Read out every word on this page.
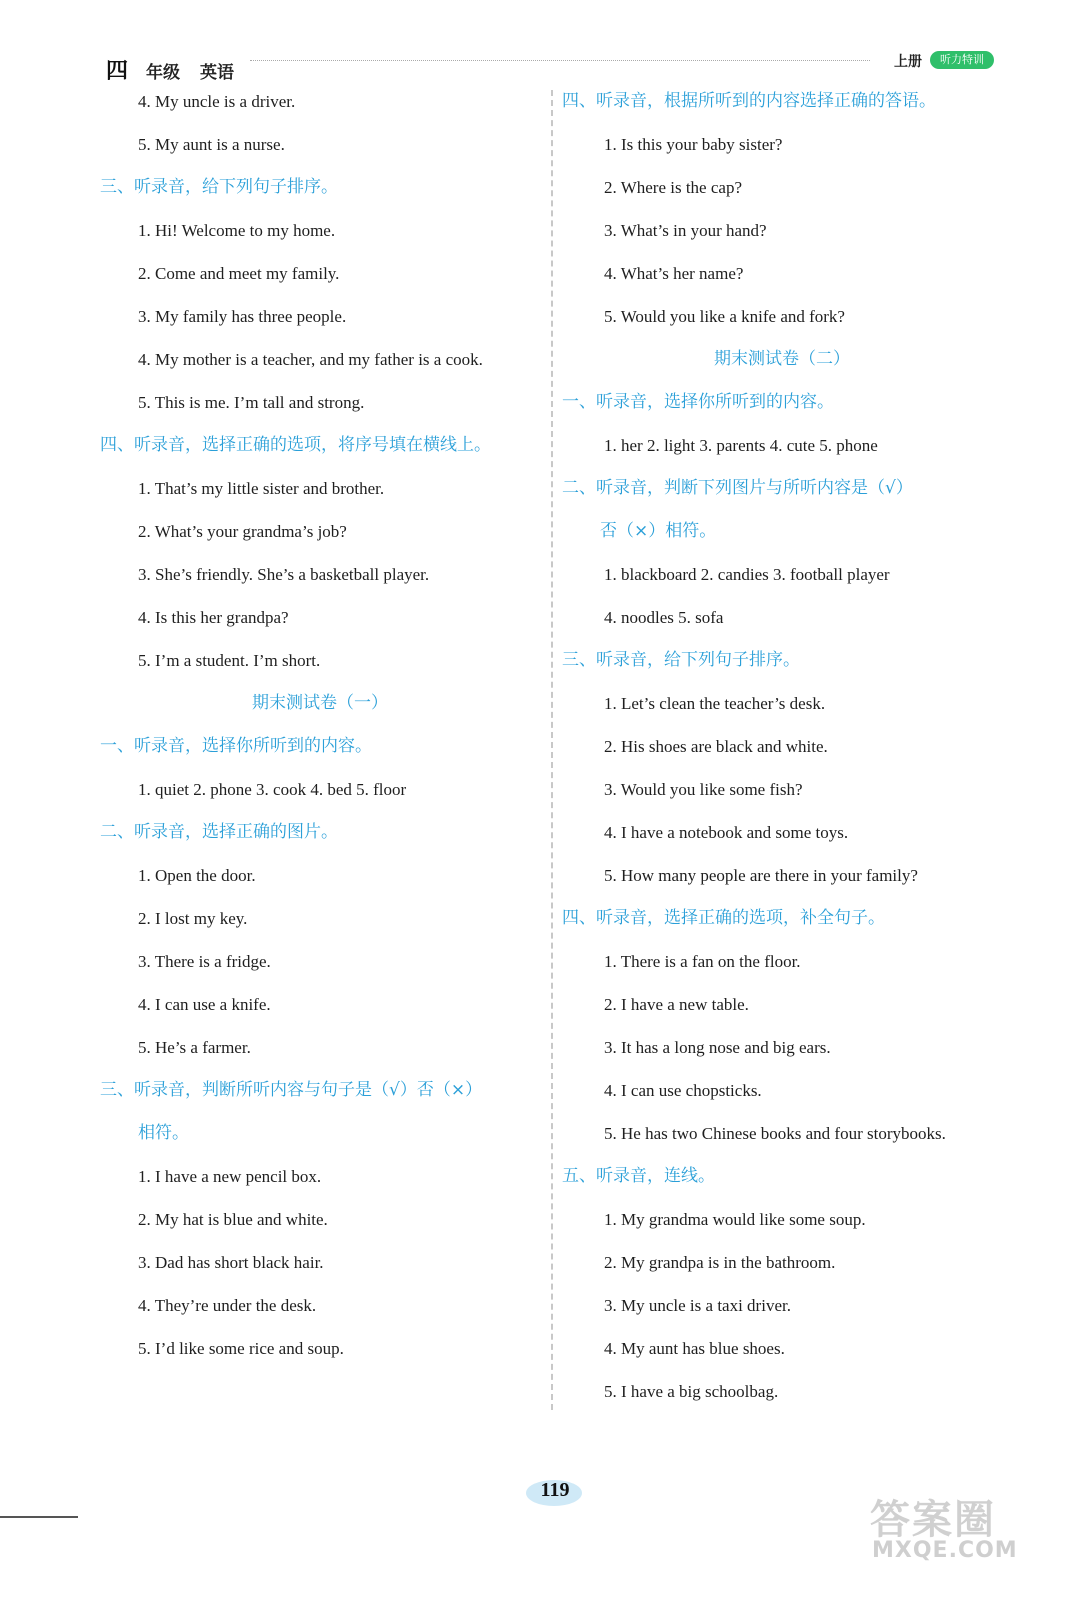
四 年级 英语
上册	听力特训
4. My uncle is a driver.
5. My aunt is a nurse.
三、听录音，给下列句子排序。
1. Hi! Welcome to my home.
2. Come and meet my family.
3. My family has three people.
4. My mother is a teacher, and my father is a cook.
5. This is me. I’m tall and strong.
四、听录音，选择正确的选项，将序号填在横线上。
1. That’s my little sister and brother.
2. What’s your grandma’s job?
3. She’s friendly. She’s a basketball player.
4. Is this her grandpa?
5. I’m a student. I’m short.
期末测试卷（一）
一、听录音，选择你所听到的内容。
1. quiet 2. phone 3. cook 4. bed 5. floor
二、听录音，选择正确的图片。
1. Open the door.
2. I lost my key.
3. There is a fridge.
4. I can use a knife.
5. He’s a farmer.
三、听录音，判断所听内容与句子是（√）否（×）
相符。
1. I have a new pencil box.
2. My hat is blue and white.
3. Dad has short black hair.
4. They’re under the desk.
5. I’d like some rice and soup.
四、听录音，根据所听到的内容选择正确的答语。
1. Is this your baby sister?
2. Where is the cap?
3. What’s in your hand?
4. What’s her name?
5. Would you like a knife and fork?
期末测试卷（二）
一、听录音，选择你所听到的内容。
1. her 2. light 3. parents 4. cute 5. phone
二、听录音，判断下列图片与所听内容是（√）
否（×）相符。
1. blackboard 2. candies 3. football player
4. noodles 5. sofa
三、听录音，给下列句子排序。
1. Let’s clean the teacher’s desk.
2. His shoes are black and white.
3. Would you like some fish?
4. I have a notebook and some toys.
5. How many people are there in your family?
四、听录音，选择正确的选项，补全句子。
1. There is a fan on the floor.
2. I have a new table.
3. It has a long nose and big ears.
4. I can use chopsticks.
5. He has two Chinese books and four storybooks.
五、听录音，连线。
1. My grandma would like some soup.
2. My grandpa is in the bathroom.
3. My uncle is a taxi driver.
4. My aunt has blue shoes.
5. I have a big schoolbag.
119
答案圈
MXQE.COM
